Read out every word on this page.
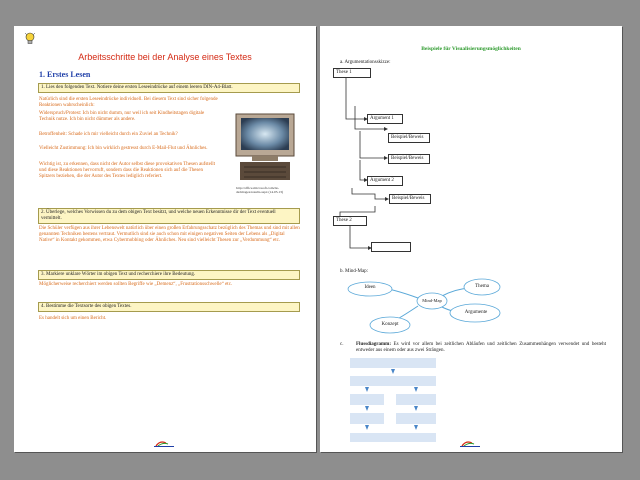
Arbeitsschritte bei der Analyse eines Textes
1. Erstes Lesen
1. Lies den folgenden Text. Notiere deine ersten Leseeindrücke auf einem leeren DIN-A4-Blatt.
Natürlich sind die ersten Leseeindrücke individuell. Bei diesem Text sind sicher folgende Reaktionen wahrscheinlich:
Widerspruch/Protest: Ich bin nicht dumm, nur weil ich seit Kindheitstagen digitale Technik nutze. Ich bin nicht dümmer als andere.
Betroffenheit: Schade ich mir vielleicht durch ein Zuviel an Technik?
Vielleicht Zustimmung: Ich bin wirklich gestresst durch E-Mail-Flut und Ähnliches.
Wichtig ist, zu erkennen, dass nicht der Autor selbst diese provokativen Thesen aufstellt und diese Reaktionen hervorruft, sondern dass die Reaktionen sich auf die Thesen Spitzers beziehen, die der Autor des Textes lediglich referiert.
http://office.microsoft.com/de-de/images/results.aspx (14.05.13)
2. Überlege, welches Vorwissen du zu dem obigen Text besitzt, und welche neuen Erkenntnisse dir der Text eventuell vermittelt.
Die Schüler verfügen aus ihrer Lebenswelt natürlich über einen großen Erfahrungsschatz bezüglich des Themas und sind mit allen genannten Techniken bestens vertraut. Vermutlich sind sie auch schon mit einigen negativen Seiten der Lebens als „Digital Native“ in Kontakt gekommen, etwa Cybermobbing oder Ähnliches. Neu sind vielleicht Thesen zur „Verdummung“ etc.
3. Markiere unklare Wörter im obigen Text und recherchiere ihre Bedeutung.
Möglicherweise recherchiert werden sollten Begriffe wie „Demenz“, „Frustrationsschwelle“ etc.
4. Bestimme die Textsorte des obigen Textes.
Es handelt sich um einen Bericht.
Beispiele für Visualisierungsmöglichkeiten
a. Argumentationsskizze:
These 1
Argument 1
Beispiel/Beweis
Beispiel/Beweis
Argument 2
Beispiel/Beweis
These 2
b. Mind-Map:
Ideen
Mind-Map
Thema
Argumente
Konzept
c.	Flussdiagramm: Es wird vor allem bei zeitlichen Abläufen und zeitlichen Zusammenhängen verwendet und besteht entweder aus einem oder aus zwei Strängen.
